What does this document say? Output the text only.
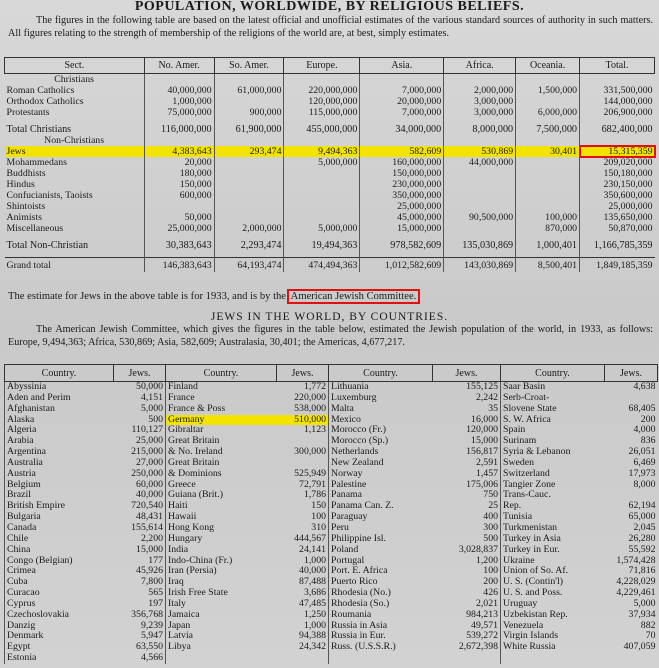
POPULATION, WORLDWIDE, BY RELIGIOUS BELIEFS.
The figures in the following table are based on the latest official and unofficial estimates of the various standard sources of authority in such matters. All figures relating to the strength of membership of the religions of the world are, at best, simply estimates.
Sect.	No. Amer.	So. Amer.	Europe.	Asia.	Africa.	Oceania.	Total.
Christians							
Roman Catholics	40,000,000	61,000,000	220,000,000	7,000,000	2,000,000	1,500,000	331,500,000
Orthodox Catholics	1,000,000		120,000,000	20,000,000	3,000,000		144,000,000
Protestants	75,000,000	900,000	115,000,000	7,000,000	3,000,000	6,000,000	206,900,000

Total Christians	116,000,000	61,900,000	455,000,000	34,000,000	8,000,000	7,500,000	682,400,000
Non-Christians							
Jews	4,383,643	293,474	9,494,363	582,609	530,869	30,401	15,315,359
Mohammedans	20,000		5,000,000	160,000,000	44,000,000		209,020,000
Buddhists	180,000			150,000,000			150,180,000
Hindus	150,000			230,000,000			230,150,000
Confucianists, Taoists	600,000			350,000,000			350,600,000
Shintoists				25,000,000			25,000,000
Animists	50,000			45,000,000	90,500,000	100,000	135,650,000
Miscellaneous	25,000,000	2,000,000	5,000,000	15,000,000		870,000	50,870,000

Total Non-Christian	30,383,643	2,293,474	19,494,363	978,582,609	135,030,869	1,000,401	1,166,785,359

Grand total	146,383,643	64,193,474	474,494,363	1,012,582,609	143,030,869	8,500,401	1,849,185,359
The estimate for Jews in the above table is for 1933, and is by the American Jewish Committee.
JEWS IN THE WORLD, BY COUNTRIES.
The American Jewish Committee, which gives the figures in the table below, estimated the Jewish population of the world, in 1933, as follows: Europe, 9,494,363; Africa, 530,869; Asia, 582,609; Australasia, 30,401; the Americas, 4,677,217.
Country.	Jews.	Country.	Jews.	Country.	Jews.	Country.	Jews.
Abyssinia	50,000	Finland	1,772	Lithuania	155,125	Saar Basin	4,638
Aden and Perim	4,151	France	220,000	Luxemburg	2,242	Serb-Croat-	
Afghanistan	5,000	France & Poss	538,000	Malta	35	Slovene State	68,405
Alaska	500	Germany	510,000	Mexico	16,000	S. W. Africa	200
Algeria	110,127	Gibraltar	1,123	Morocco (Fr.)	120,000	Spain	4,000
Arabia	25,000	Great Britain		Morocco (Sp.)	15,000	Surinam	836
Argentina	215,000	& No. Ireland	300,000	Netherlands	156,817	Syria & Lebanon	26,051
Australia	27,000	Great Britain		New Zealand	2,591	Sweden	6,469
Austria	250,000	& Dominions	525,949	Norway	1,457	Switzerland	17,973
Belgium	60,000	Greece	72,791	Palestine	175,006	Tangier Zone	8,000
Brazil	40,000	Guiana (Brit.)	1,786	Panama	750	Trans-Cauc.	
British Empire	720,540	Haiti	150	Panama Can. Z.	25	Rep.	62,194
Bulgaria	48,431	Hawaii	100	Paraguay	400	Tunisia	65,000
Canada	155,614	Hong Kong	310	Peru	300	Turkmenistan	2,045
Chile	2,200	Hungary	444,567	Philippine Isl.	500	Turkey in Asia	26,280
China	15,000	India	24,141	Poland	3,028,837	Turkey in Eur.	55,592
Congo (Belgian)	177	Indo-China (Fr.)	1,000	Portugal	1,200	Ukraine	1,574,428
Crimea	45,926	Iran (Persia)	40,000	Port. E. Africa	100	Union of So. Af.	71,816
Cuba	7,800	Iraq	87,488	Puerto Rico	200	U. S. (Contin'l)	4,228,029
Curacao	565	Irish Free State	3,686	Rhodesia (No.)	426	U. S. and Poss.	4,229,461
Cyprus	197	Italy	47,485	Rhodesia (So.)	2,021	Uruguay	5,000
Czechoslovakia	356,768	Jamaica	1,250	Roumania	984,213	Uzbekistan Rep.	37,934
Danzig	9,239	Japan	1,000	Russia in Asia	49,571	Venezuela	882
Denmark	5,947	Latvia	94,388	Russia in Eur.	539,272	Virgin Islands	70
Egypt	63,550	Libya	24,342	Russ. (U.S.S.R.)	2,672,398	White Russia	407,059
Estonia	4,566						
